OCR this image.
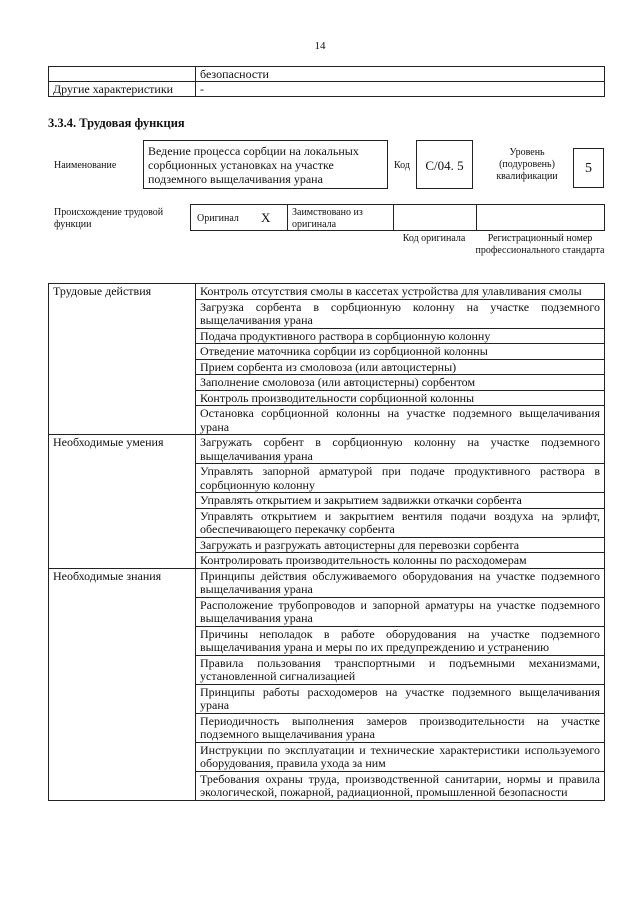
14
	безопасности
Другие характеристики	-
3.3.4. Трудовая функция
Наименование
Ведение процесса сорбции на локальных сорбционных установках на участке подземного выщелачивания урана
Код	С/04. 5
Уровень (подуровень) квалификации
5
Происхождение трудовой функции
Оригинал X Заимствовано из оригинала
Код оригинала	Регистрационный номер профессионального стандарта
Трудовые действия	Контроль отсутствия смолы в кассетах устройства для улавливания смолы
	Загрузка сорбента в сорбционную колонну на участке подземного выщелачивания урана
	Подача продуктивного раствора в сорбционную колонну
	Отведение маточника сорбции из сорбционной колонны
	Прием сорбента из смоловоза (или автоцистерны)
	Заполнение смоловоза (или автоцистерны) сорбентом
	Контроль производительности сорбционной колонны
	Остановка сорбционной колонны на участке подземного выщелачивания урана
Необходимые умения	Загружать сорбент в сорбционную колонну на участке подземного выщелачивания урана
	Управлять запорной арматурой при подаче продуктивного раствора в сорбционную колонну
	Управлять открытием и закрытием задвижки откачки сорбента
	Управлять открытием и закрытием вентиля подачи воздуха на эрлифт, обеспечивающего перекачку сорбента
	Загружать и разгружать автоцистерны для перевозки сорбента
	Контролировать производительность колонны по расходомерам
Необходимые знания	Принципы действия обслуживаемого оборудования на участке подземного выщелачивания урана
	Расположение трубопроводов и запорной арматуры на участке подземного выщелачивания урана
	Причины неполадок в работе оборудования на участке подземного выщелачивания урана и меры по их предупреждению и устранению
	Правила пользования транспортными и подъемными механизмами, установленной сигнализацией
	Принципы работы расходомеров на участке подземного выщелачивания урана
	Периодичность выполнения замеров производительности на участке подземного выщелачивания урана
	Инструкции по эксплуатации и технические характеристики используемого оборудования, правила ухода за ним
	Требования охраны труда, производственной санитарии, нормы и правила экологической, пожарной, радиационной, промышленной безопасности
